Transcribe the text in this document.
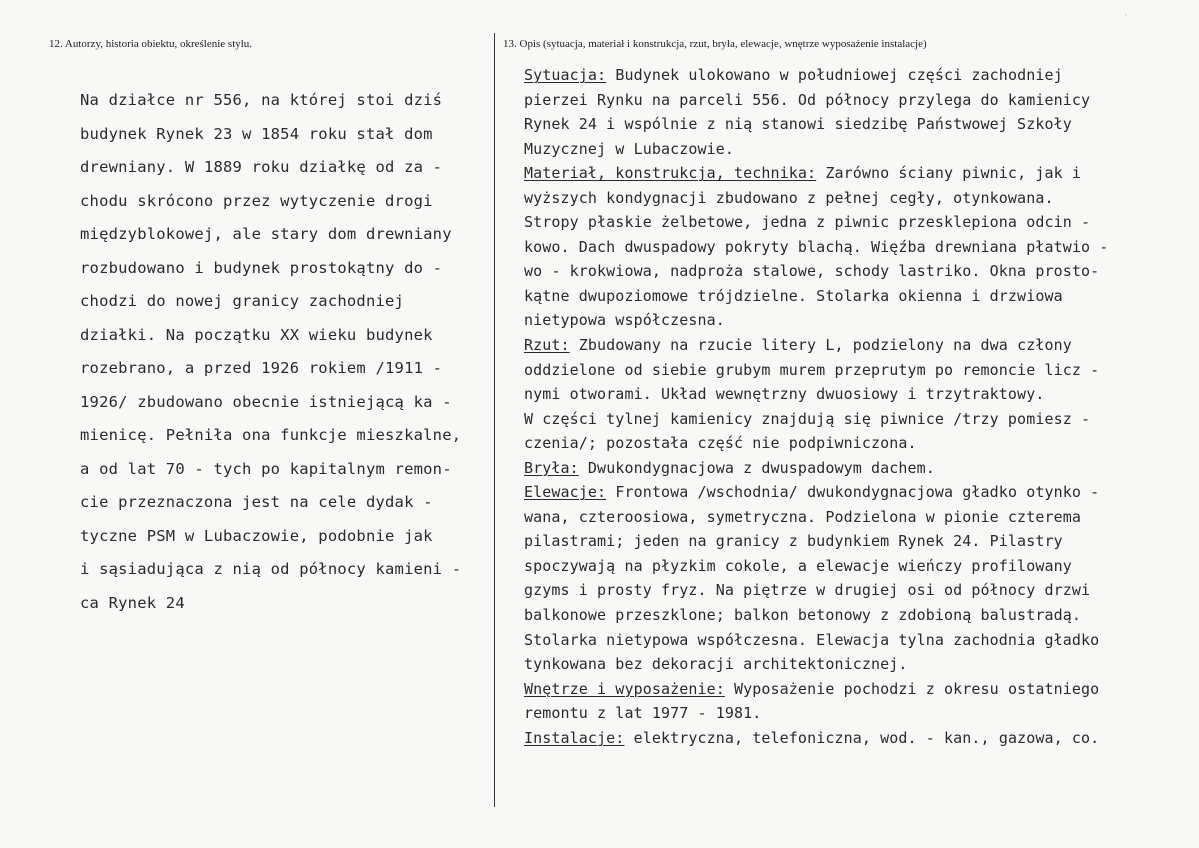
12. Autorzy, historia obiektu, określenie stylu.	13. Opis (sytuacja, materiał i konstrukcja, rzut, bryła, elewacje, wnętrze wyposażenie instalacje)
Na działce nr 556, na której stoi dziś
budynek Rynek 23 w 1854 roku stał dom
drewniany. W 1889 roku działkę od za -
chodu skrócono przez wytyczenie drogi
międzyblokowej, ale stary dom drewniany
rozbudowano i budynek prostokątny do -
chodzi do nowej granicy zachodniej
działki. Na początku XX wieku budynek
rozebrano, a przed 1926 rokiem /1911 -
1926/ zbudowano obecnie istniejącą ka -
mienicę. Pełniła ona funkcje mieszkalne,
a od lat 70 - tych po kapitalnym remon-
cie przeznaczona jest na cele dydak -
tyczne PSM w Lubaczowie, podobnie jak
i sąsiadująca z nią od północy kamieni -
ca Rynek 24
Sytuacja: Budynek ulokowano w południowej części zachodniej
pierzei Rynku na parceli 556. Od północy przylega do kamienicy
Rynek 24 i wspólnie z nią stanowi siedzibę Państwowej Szkoły
Muzycznej w Lubaczowie.
Materiał, konstrukcja, technika: Zarówno ściany piwnic, jak i
wyższych kondygnacji zbudowano z pełnej cegły, otynkowana.
Stropy płaskie żelbetowe, jedna z piwnic przesklepiona odcin -
kowo. Dach dwuspadowy pokryty blachą. Więźba drewniana płatwio -
wo - krokwiowa, nadproża stalowe, schody lastriko. Okna prosto-
kątne dwupoziomowe trójdzielne. Stolarka okienna i drzwiowa
nietypowa współczesna.
Rzut: Zbudowany na rzucie litery L, podzielony na dwa człony
oddzielone od siebie grubym murem przeprutym po remoncie licz -
nymi otworami. Układ wewnętrzny dwuosiowy i trzytraktowy.
W części tylnej kamienicy znajdują się piwnice /trzy pomiesz -
czenia/; pozostała część nie podpiwniczona.
Bryła: Dwukondygnacjowa z dwuspadowym dachem.
Elewacje: Frontowa /wschodnia/ dwukondygnacjowa gładko otynko -
wana, czteroosiowa, symetryczna. Podzielona w pionie czterema
pilastrami; jeden na granicy z budynkiem Rynek 24. Pilastry
spoczywają na płyzkim cokole, a elewacje wieńczy profilowany
gzyms i prosty fryz. Na piętrze w drugiej osi od północy drzwi
balkonowe przeszklone; balkon betonowy z zdobioną balustradą.
Stolarka nietypowa współczesna. Elewacja tylna zachodnia gładko
tynkowana bez dekoracji architektonicznej.
Wnętrze i wyposażenie: Wyposażenie pochodzi z okresu ostatniego
remontu z lat 1977 - 1981.
Instalacje: elektryczna, telefoniczna, wod. - kan., gazowa, co.
·
